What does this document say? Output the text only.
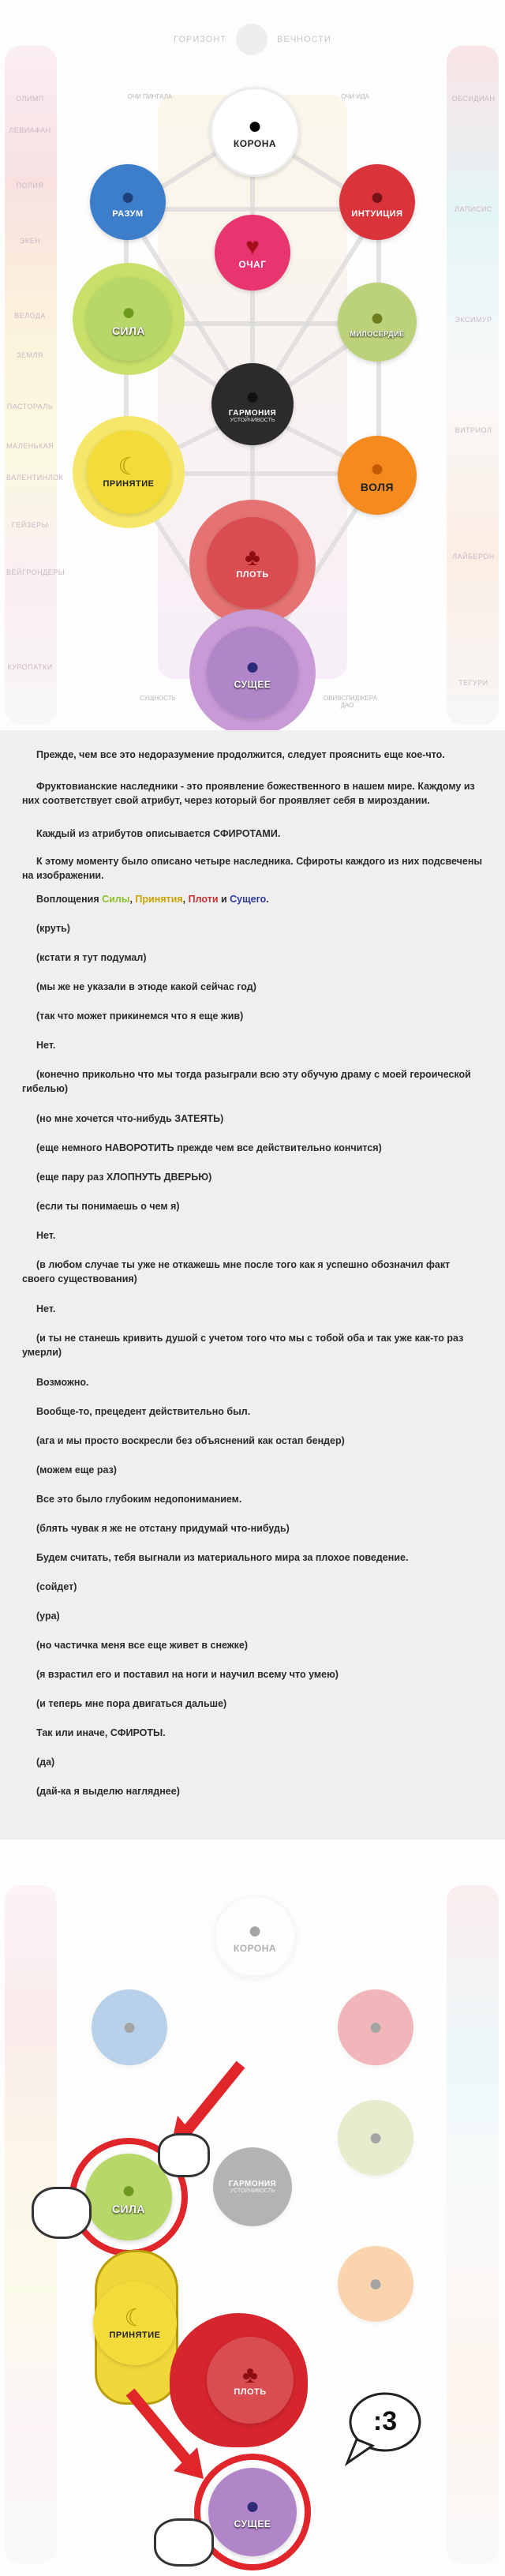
ГОРИЗОНТ	ВЕЧНОСТИ
ОЛИМП
ЛЕВИАФАН
ПОЛИЯ
ЭКЕН
ВЕЛОДА
ЗЕМЛЯ
ПАСТОРАЛЬ
МАЛЕНЬКАЯ
ВАЛЕНТИНЛОК
ГЕЙЗЕРЫ
ВЕЙГРОНДЕРЫ
КУРОПАТКИ
ОБСИДИАН
ЛАПИСИС
ЭКСИМУР
ВИТРИОЛ
ЛАЙБЕРОН
ТЕГУРИ
ОЧИ ПИНГАЛА	ОЧИ ИДА
СУЩНОСТЬ	ОВИВСПИДЖЕРА ДАО
●
КОРОНА
●
РАЗУМ
●
ИНТУИЦИЯ
♥
ОЧАГ
●
СИЛА	●
МИЛОСЕРДИЕ
●
ГАРМОНИЯ
УСТОЙЧИВОСТЬ
☾
ПРИНЯТИЕ
●
ВОЛЯ
♣
ПЛОТЬ
●
СУЩЕЕ
Прежде, чем все это недоразумение продолжится, следует прояснить еще кое-что.
Фруктовианские наследники - это проявление божественного в нашем мире. Каждому из них соответствует свой атрибут, через который бог проявляет себя в мироздании.
Каждый из атрибутов описывается СФИРОТАМИ.
К этому моменту было описано четыре наследника. Сфироты каждого из них подсвечены на изображении.
Воплощения Силы, Принятия, Плоти и Сущего.
(круть)
(кстати я тут подумал)
(мы же не указали в этюде какой сейчас год)
(так что может прикинемся что я еще жив)
Нет.
(конечно прикольно что мы тогда разыграли всю эту обучую драму с моей героической гибелью)
(но мне хочется что-нибудь ЗАТЕЯТЬ)
(еще немного НАВОРОТИТЬ прежде чем все действительно кончится)
(еще пару раз ХЛОПНУТЬ ДВЕРЬЮ)
(если ты понимаешь о чем я)
Нет.
(в любом случае ты уже не откажешь мне после того как я успешно обозначил факт своего существования)
Нет.
(и ты не станешь кривить душой с учетом того что мы с тобой оба и так уже как-то раз умерли)
Возможно.
Вообще-то, прецедент действительно был.
(ага и мы просто воскресли без объяснений как остап бендер)
(можем еще раз)
Все это было глубоким недопониманием.
(блять чувак я же не отстану придумай что-нибудь)
Будем считать, тебя выгнали из материального мира за плохое поведение.
(сойдет)
(ура)
(но частичка меня все еще живет в снежке)
(я взрастил его и поставил на ноги и научил всему что умею)
(и теперь мне пора двигаться дальше)
Так или иначе, СФИРОТЫ.
(да)
(дай-ка я выделю нагляднее)
●
КОРОНА
●	●
●
ГАРМОНИЯ
УСТОЙЧИВОСТЬ
●
●
СИЛА
☾
ПРИНЯТИЕ
♣
ПЛОТЬ
●
СУЩЕЕ
:3
